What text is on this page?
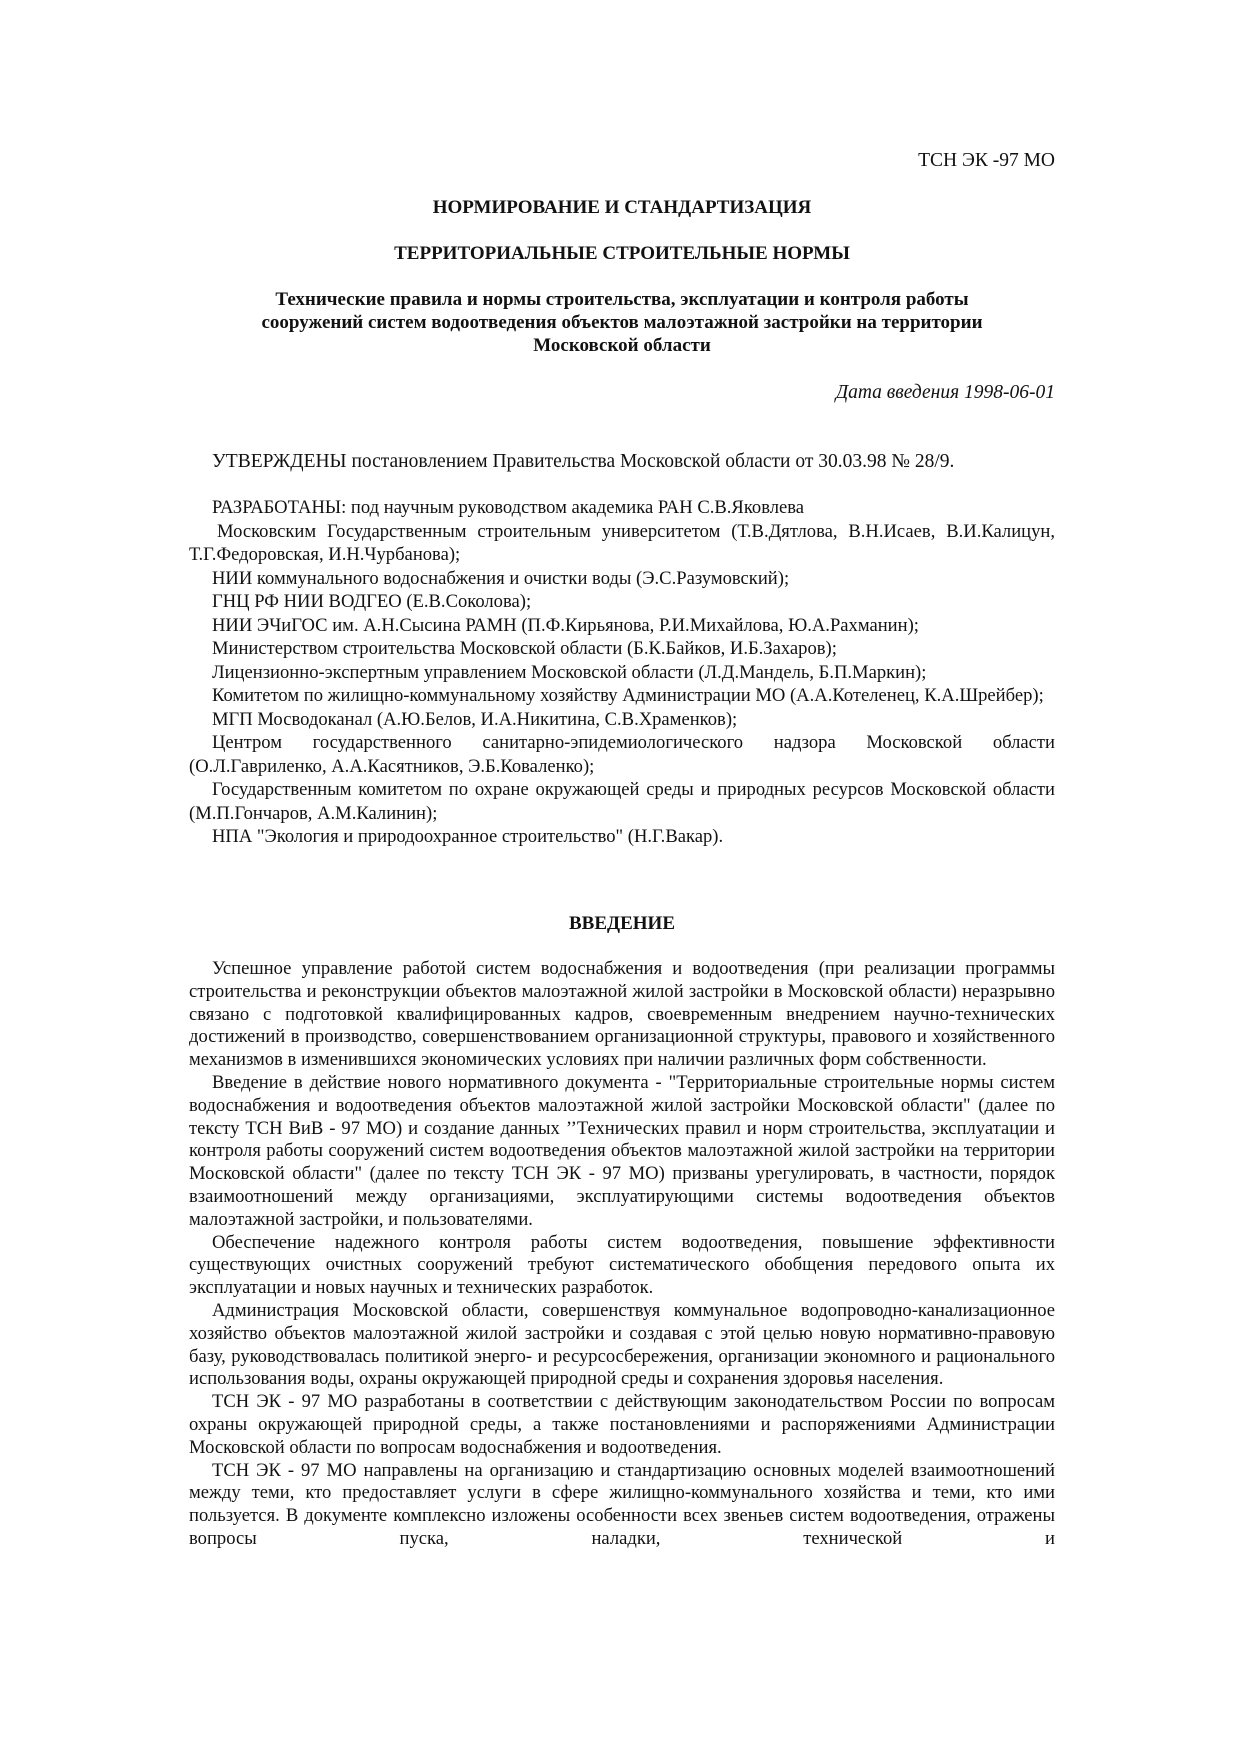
ТСН ЭК -97 МО
НОРМИРОВАНИЕ И СТАНДАРТИЗАЦИЯ
ТЕРРИТОРИАЛЬНЫЕ СТРОИТЕЛЬНЫЕ НОРМЫ
Технические правила и нормы строительства, эксплуатации и контроля работы
сооружений систем водоотведения объектов малоэтажной застройки на территории
Московской области
Дата введения 1998-06-01
УТВЕРЖДЕНЫ постановлением Правительства Московской области от 30.03.98 № 28/9.

РАЗРАБОТАНЫ: под научным руководством академика РАН С.В.Яковлева

Московским Государственным строительным университетом (Т.В.Дятлова, В.Н.Исаев, В.И.Калицун, Т.Г.Федоровская, И.Н.Чурбанова);

НИИ коммунального водоснабжения и очистки воды (Э.С.Разумовский);

ГНЦ РФ НИИ ВОДГЕО (Е.В.Соколова);

НИИ ЭЧиГОС им. А.Н.Сысина РАМН (П.Ф.Кирьянова, Р.И.Михайлова, Ю.А.Рахманин);

Министерством строительства Московской области (Б.К.Байков, И.Б.Захаров);

Лицензионно-экспертным управлением Московской области (Л.Д.Мандель, Б.П.Маркин);

Комитетом по жилищно-коммунальному хозяйству Администрации МО (А.А.Котеленец, К.А.Шрейбер);

МГП Мосводоканал (А.Ю.Белов, И.А.Никитина, С.В.Храменков);

Центром государственного санитарно-эпидемиологического надзора Московской области (О.Л.Гавриленко, А.А.Касятников, Э.Б.Коваленко);

Государственным комитетом по охране окружающей среды и природных ресурсов Московской области (М.П.Гончаров, А.М.Калинин);

НПА "Экология и природоохранное строительство" (Н.Г.Вакар).

ВВЕДЕНИЕ

Успешное управление работой систем водоснабжения и водоотведения (при реализации программы строительства и реконструкции объектов малоэтажной жилой застройки в Московской области) неразрывно связано с подготовкой квалифицированных кадров, своевременным внедрением научно-технических достижений в производство, совершенствованием организационной структуры, правового и хозяйственного механизмов в изменившихся экономических условиях при наличии различных форм собственности.

Введение в действие нового нормативного документа - "Территориальные строительные нормы систем водоснабжения и водоотведения объектов малоэтажной жилой застройки Московской области" (далее по тексту ТСН ВиВ - 97 МО) и создание данных ’’Технических правил и норм строительства, эксплуатации и контроля работы сооружений систем водоотведения объектов малоэтажной жилой застройки на территории Московской области" (далее по тексту ТСН ЭК - 97 МО) призваны урегулировать, в частности, порядок взаимоотношений между организациями, эксплуатирующими системы водоотведения объектов малоэтажной застройки, и пользователями.

Обеспечение надежного контроля работы систем водоотведения, повышение эффективности существующих очистных сооружений требуют систематического обобщения передового опыта их эксплуатации и новых научных и технических разработок.

Администрация Московской области, совершенствуя коммунальное водопроводно-канализационное хозяйство объектов малоэтажной жилой застройки и создавая с этой целью новую нормативно-правовую базу, руководствовалась политикой энерго- и ресурсосбережения, организации экономного и рационального использования воды, охраны окружающей природной среды и сохранения здоровья населения.

ТСН ЭК - 97 МО разработаны в соответствии с действующим законодательством России по вопросам охраны окружающей природной среды, а также постановлениями и распоряжениями Администрации Московской области по вопросам водоснабжения и водоотведения.

ТСН ЭК - 97 МО направлены на организацию и стандартизацию основных моделей взаимоотношений между теми, кто предоставляет услуги в сфере жилищно-коммунального хозяйства и теми, кто ими пользуется. В документе комплексно изложены особенности всех звеньев систем водоотведения, отражены вопросы пуска, наладки, технической и
